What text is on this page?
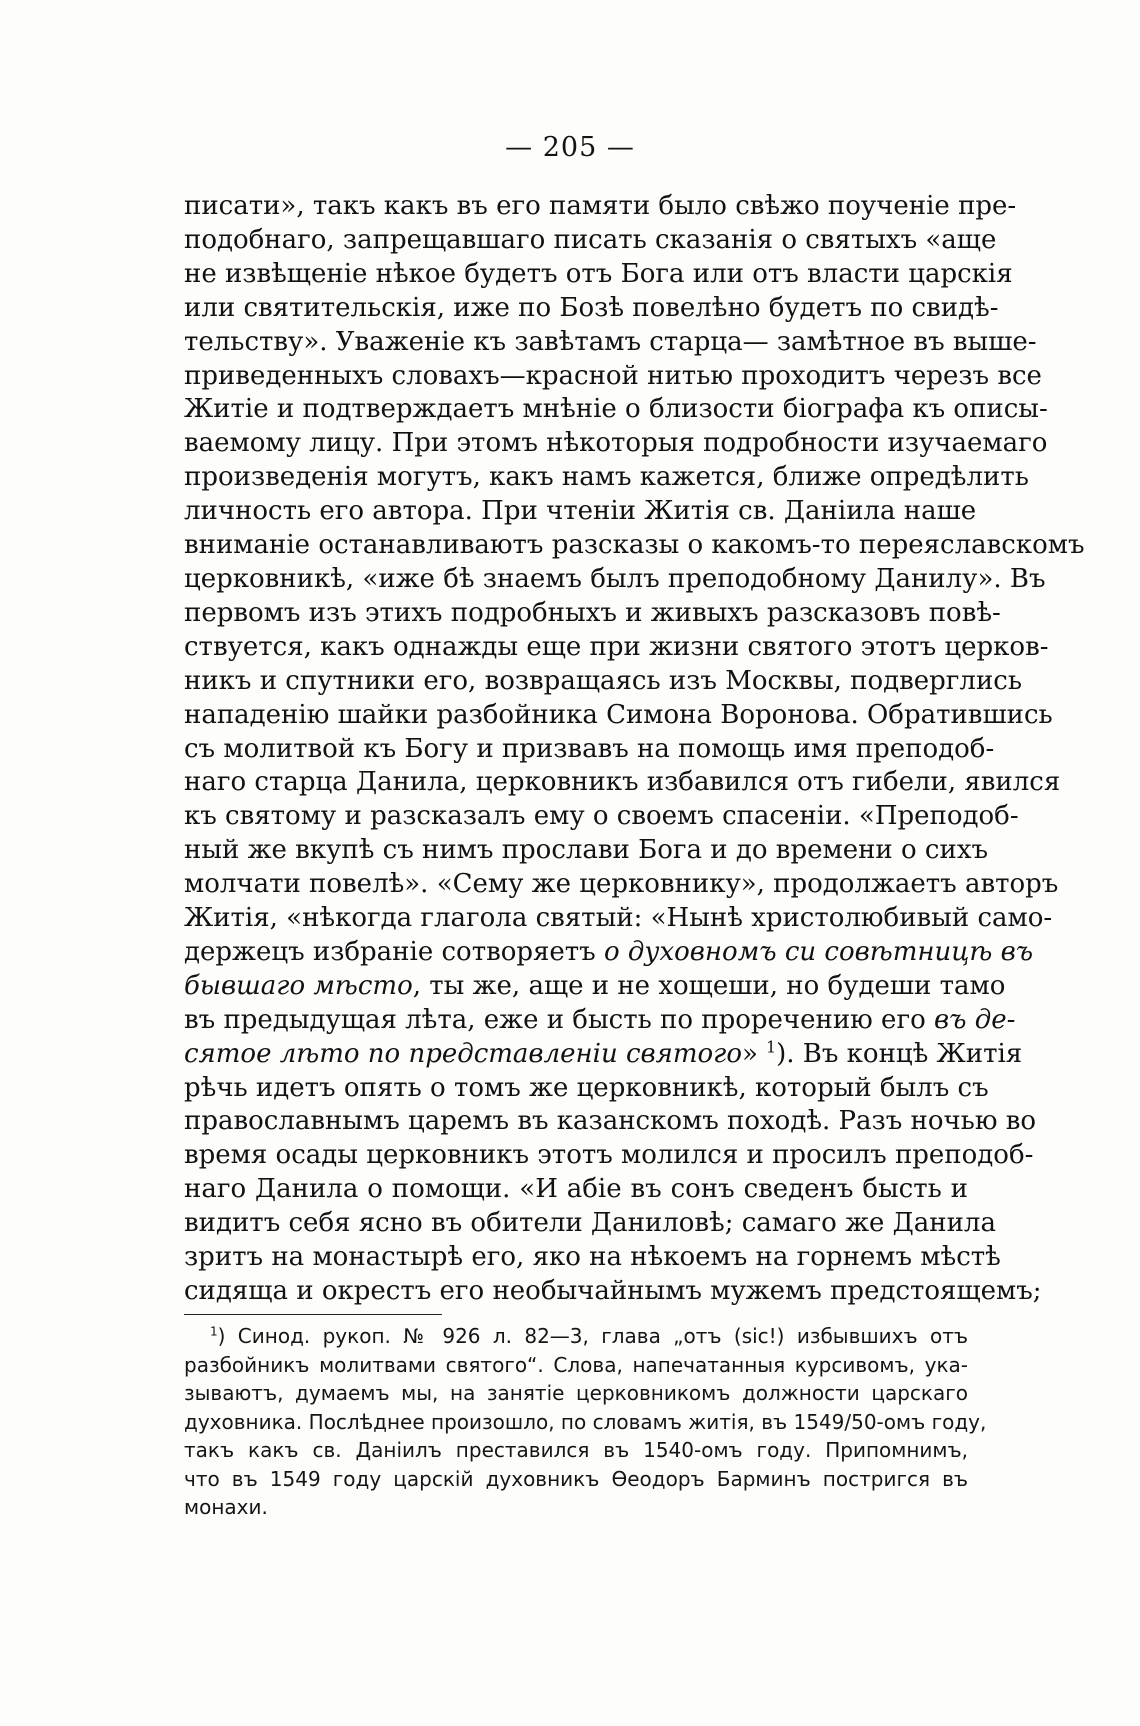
— 205 —
писати», такъ какъ въ его памяти было свѣжо поученіе пре-
подобнаго, запрещавшаго писать сказанія о святыхъ «аще
не извѣщеніе нѣкое будетъ отъ Бога или отъ власти царскія
или святительскія, иже по Бозѣ повелѣно будетъ по свидѣ-
тельству». Уваженіе къ завѣтамъ старца— замѣтное въ выше-
приведенныхъ словахъ—красной нитью проходитъ черезъ все
Житіе и подтверждаетъ мнѣніе о близости біографа къ описы-
ваемому лицу. При этомъ нѣкоторыя подробности изучаемаго
произведенія могутъ, какъ намъ кажется, ближе опредѣлить
личность его автора. При чтеніи Житія св. Даніила наше
вниманіе останавливаютъ разсказы о какомъ-то переяславскомъ
церковникѣ, «иже бѣ знаемъ былъ преподобному Данилу». Въ
первомъ изъ этихъ подробныхъ и живыхъ разсказовъ повѣ-
ствуется, какъ однажды еще при жизни святого этотъ церков-
никъ и спутники его, возвращаясь изъ Москвы, подверглись
нападенію шайки разбойника Симона Воронова. Обратившись
съ молитвой къ Богу и призвавъ на помощь имя преподоб-
наго старца Данила, церковникъ избавился отъ гибели, явился
къ святому и разсказалъ ему о своемъ спасеніи. «Преподоб-
ный же вкупѣ съ нимъ прослави Бога и до времени о сихъ
молчати повелѣ». «Сему же церковнику», продолжаетъ авторъ
Житія, «нѣкогда глагола святый: «Нынѣ христолюбивый само-
держецъ избраніе сотворяетъ о духовномъ си совѣтницѣ въ
бывшаго мѣсто, ты же, аще и не хощеши, но будеши тамо
въ предыдущая лѣта, еже и бысть по проречению его въ де-
сятое лѣто по представленіи святого» $^1$). Въ концѣ Житія
рѣчь идетъ опять о томъ же церковникѣ, который былъ съ
православнымъ царемъ въ казанскомъ походѣ. Разъ ночью во
время осады церковникъ этотъ молился и просилъ преподоб-
наго Данила о помощи. «И абіе въ сонъ сведенъ бысть и
видитъ себя ясно въ обители Даниловѣ; самаго же Данила
зритъ на монастырѣ его, яко на нѣкоемъ на горнемъ мѣстѣ
сидяща и окрестъ его необычайнымъ мужемъ предстоящемъ;
$^1$) Синод. рукоп. № 926 л. 82—3, глава „отъ (sic!) избывшихъ отъ
разбойникъ молитвами святого“. Слова, напечатанныя курсивомъ, ука-
зываютъ, думаемъ мы, на занятіе церковникомъ должности царскаго
духовника. Послѣднее произошло, по словамъ житія, въ 1549/50-омъ году,
такъ какъ св. Даніилъ преставился въ 1540-омъ году. Припомнимъ,
что въ 1549 году царскій духовникъ Ѳеодоръ Барминъ постригся въ
монахи.
